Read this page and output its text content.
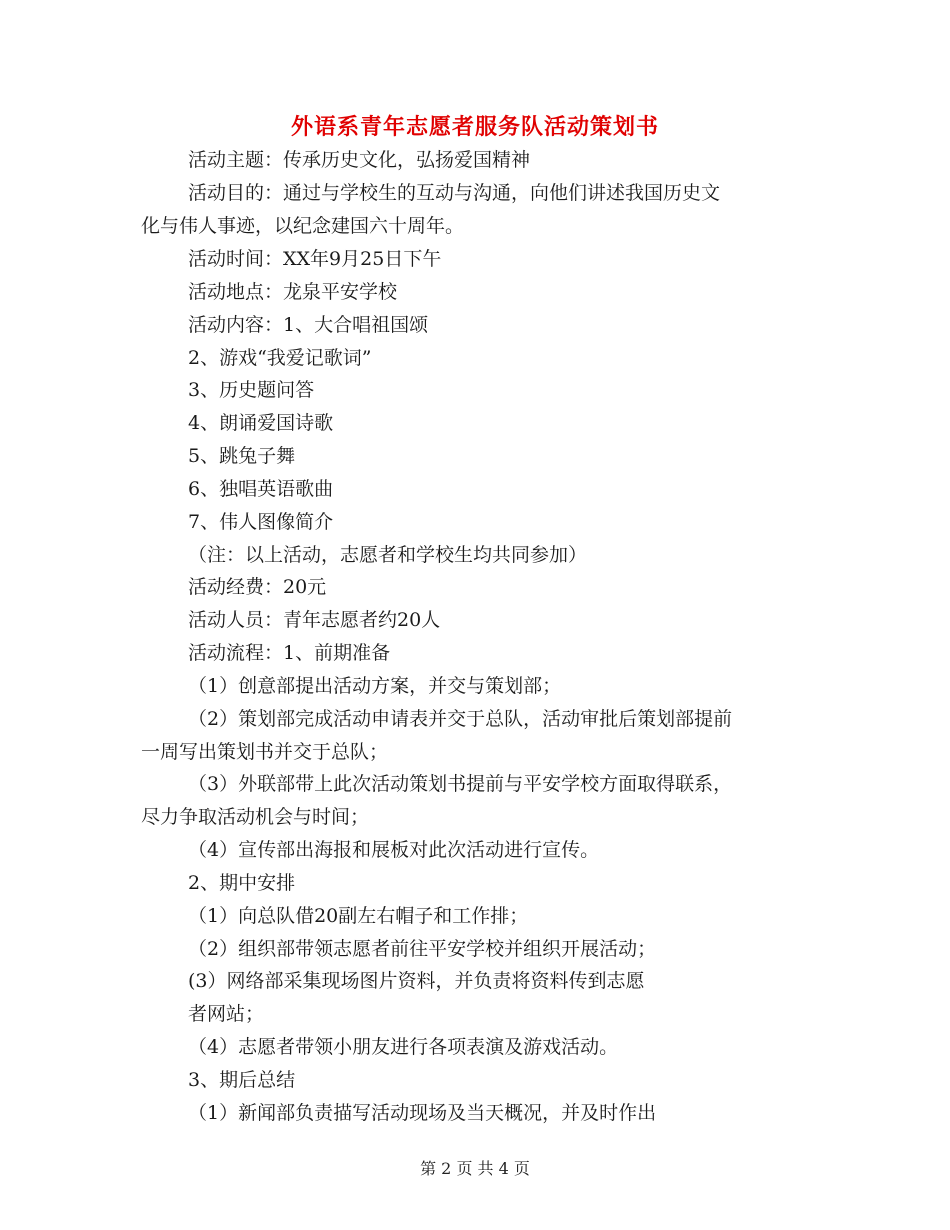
外语系青年志愿者服务队活动策划书
活动主题：传承历史文化，弘扬爱国精神
活动目的：通过与学校生的互动与沟通，向他们讲述我国历史文
化与伟人事迹，以纪念建国六十周年。
活动时间：XX年9月25日下午
活动地点：龙泉平安学校
活动内容：1、大合唱祖国颂
2、游戏“我爱记歌词”
3、历史题问答
4、朗诵爱国诗歌
5、跳兔子舞
6、独唱英语歌曲
7、伟人图像简介
（注：以上活动，志愿者和学校生均共同参加）
活动经费：20元
活动人员：青年志愿者约20人
活动流程：1、前期准备
（1）创意部提出活动方案，并交与策划部；
（2）策划部完成活动申请表并交于总队，活动审批后策划部提前
一周写出策划书并交于总队；
（3）外联部带上此次活动策划书提前与平安学校方面取得联系，
尽力争取活动机会与时间；
（4）宣传部出海报和展板对此次活动进行宣传。
2、期中安排
（1）向总队借20副左右帽子和工作排；
（2）组织部带领志愿者前往平安学校并组织开展活动；
(3）网络部采集现场图片资料，并负责将资料传到志愿
者网站；
（4）志愿者带领小朋友进行各项表演及游戏活动。
3、期后总结
（1）新闻部负责描写活动现场及当天概况，并及时作出
第 2 页 共 4 页
